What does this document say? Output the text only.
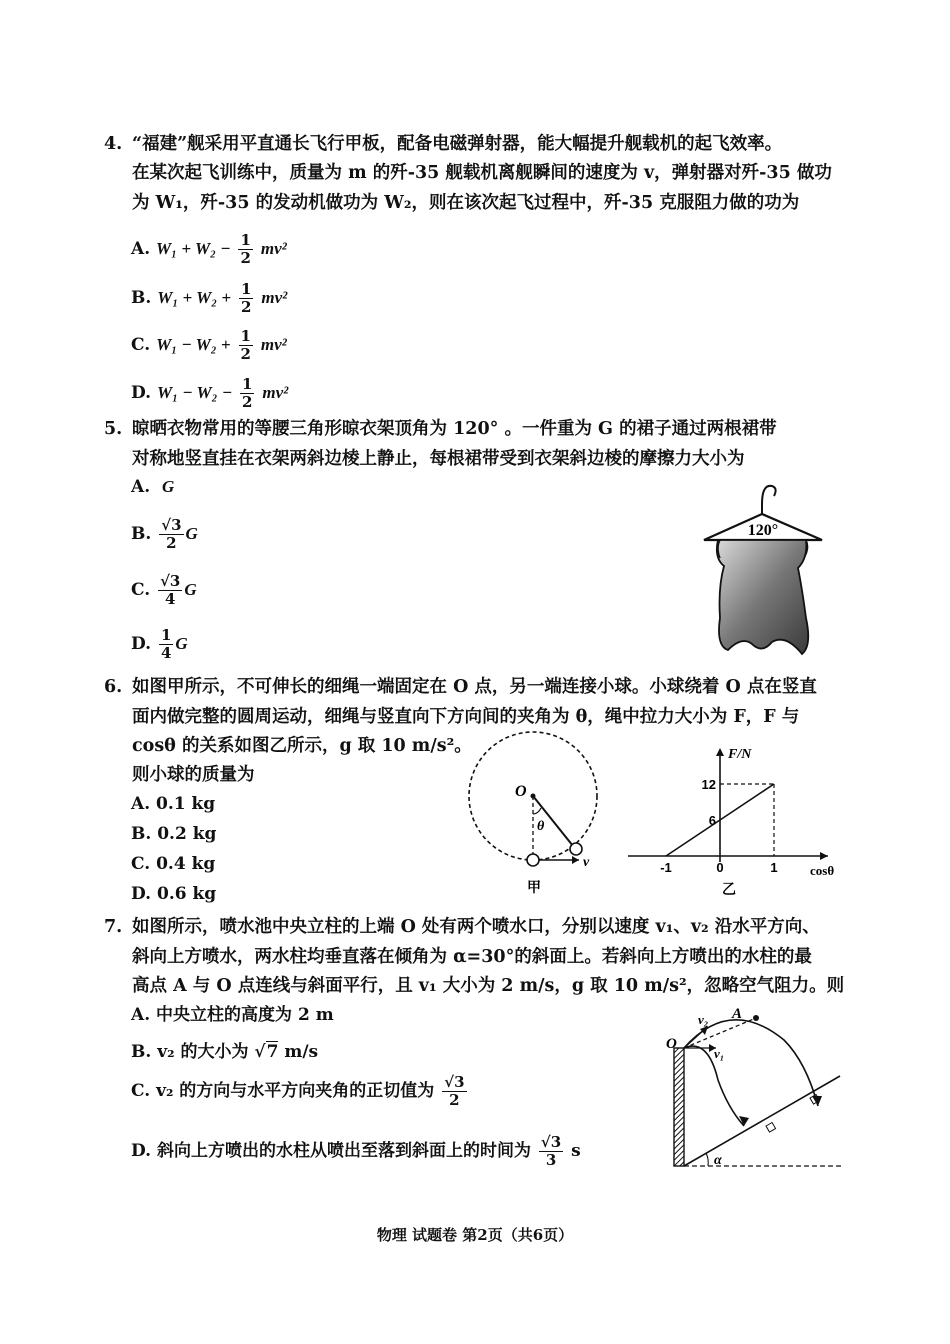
4. “福建”舰采用平直通长飞行甲板，配备电磁弹射器，能大幅提升舰载机的起飞效率。
在某次起飞训练中，质量为 m 的歼-35 舰载机离舰瞬间的速度为 v，弹射器对歼-35 做功
为 W₁，歼-35 的发动机做功为 W₂，则在该次起飞过程中，歼-35 克服阻力做的功为
A. $W_1 + W_2 - \frac{1}{2} mv^2$
B. $W_1 + W_2 + \frac{1}{2} mv^2$
C. $W_1 - W_2 + \frac{1}{2} mv^2$
D. $W_1 - W_2 - \frac{1}{2} mv^2$
5. 晾晒衣物常用的等腰三角形晾衣架顶角为 120° 。一件重为 G 的裙子通过两根裙带
对称地竖直挂在衣架两斜边棱上静止，每根裙带受到衣架斜边棱的摩擦力大小为
A. G
B. $\frac{√3}{2}$ G
C. $\frac{√3}{4}$ G
D. $\frac{1}{4}$ G
120°
6. 如图甲所示，不可伸长的细绳一端固定在 O 点，另一端连接小球。小球绕着 O 点在竖直
面内做完整的圆周运动，细绳与竖直向下方向间的夹角为 θ，绳中拉力大小为 F，F 与
cosθ 的关系如图乙所示，g 取 10 m/s²。
则小球的质量为
A. 0.1 kg
B. 0.2 kg
C. 0.4 kg
D. 0.6 kg
O
θ
v
甲
-1	0	1
6
12
F/N
cosθ
乙
7. 如图所示，喷水池中央立柱的上端 O 处有两个喷水口，分别以速度 v₁、v₂ 沿水平方向、
斜向上方喷水，两水柱均垂直落在倾角为 α=30°的斜面上。若斜向上方喷出的水柱的最
高点 A 与 O 点连线与斜面平行，且 v₁ 大小为 2 m/s，g 取 10 m/s²，忽略空气阻力。则
A. 中央立柱的高度为 2 m
B. v₂ 的大小为 √7 m/s
C. v₂ 的方向与水平方向夹角的正切值为 $\frac{√3}{2}$
D. 斜向上方喷出的水柱从喷出至落到斜面上的时间为 $\frac{√3}{3}$ s
O
A
v₂
v₁
α
物理 试题卷 第2页（共6页）
